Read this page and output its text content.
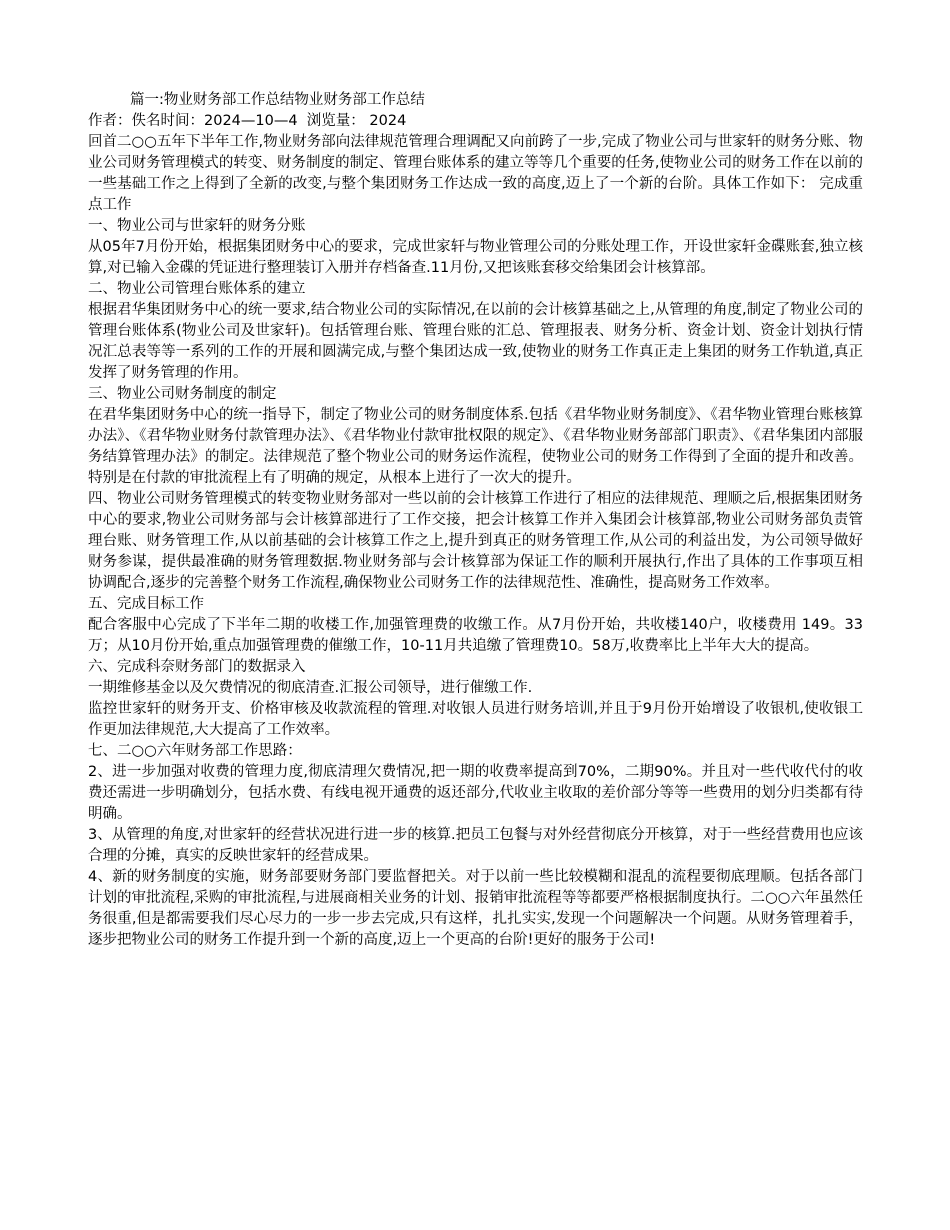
篇一:物业财务部工作总结物业财务部工作总结
作者：佚名时间：2024—10—4  浏览量： 2024

回首二○○五年下半年工作,物业财务部向法律规范管理合理调配又向前跨了一步,完成了物业公司与世家轩的财务分账、物业公司财务管理模式的转变、财务制度的制定、管理台账体系的建立等等几个重要的任务,使物业公司的财务工作在以前的一些基础工作之上得到了全新的改变,与整个集团财务工作达成一致的高度,迈上了一个新的台阶。具体工作如下： 完成重点工作

一、物业公司与世家轩的财务分账

从05年7月份开始，根据集团财务中心的要求，完成世家轩与物业管理公司的分账处理工作，开设世家轩金碟账套,独立核算,对已输入金碟的凭证进行整理装订入册并存档备查.11月份,又把该账套移交给集团会计核算部。

二、物业公司管理台账体系的建立

根据君华集团财务中心的统一要求,结合物业公司的实际情况,在以前的会计核算基础之上,从管理的角度,制定了物业公司的管理台账体系(物业公司及世家轩)。包括管理台账、管理台账的汇总、管理报表、财务分析、资金计划、资金计划执行情况汇总表等等一系列的工作的开展和圆满完成,与整个集团达成一致,使物业的财务工作真正走上集团的财务工作轨道,真正发挥了财务管理的作用。

三、物业公司财务制度的制定

在君华集团财务中心的统一指导下，制定了物业公司的财务制度体系.包括《君华物业财务制度》、《君华物业管理台账核算办法》、《君华物业财务付款管理办法》、《君华物业付款审批权限的规定》、《君华物业财务部部门职责》、《君华集团内部服务结算管理办法》的制定。法律规范了整个物业公司的财务运作流程，使物业公司的财务工作得到了全面的提升和改善。特别是在付款的审批流程上有了明确的规定，从根本上进行了一次大的提升。

四、物业公司财务管理模式的转变物业财务部对一些以前的会计核算工作进行了相应的法律规范、理顺之后,根据集团财务中心的要求,物业公司财务部与会计核算部进行了工作交接，把会计核算工作并入集团会计核算部,物业公司财务部负责管理台账、财务管理工作,从以前基础的会计核算工作之上,提升到真正的财务管理工作,从公司的利益出发，为公司领导做好财务参谋，提供最准确的财务管理数据.物业财务部与会计核算部为保证工作的顺利开展执行,作出了具体的工作事项互相协调配合,逐步的完善整个财务工作流程,确保物业公司财务工作的法律规范性、准确性，提高财务工作效率。

五、完成目标工作

配合客服中心完成了下半年二期的收楼工作,加强管理费的收缴工作。从7月份开始，共收楼140户，收楼费用 149。33 万；从10月份开始,重点加强管理费的催缴工作，10-11月共追缴了管理费10。58万,收费率比上半年大大的提高。

六、完成科奈财务部门的数据录入

一期维修基金以及欠费情况的彻底清查.汇报公司领导，进行催缴工作.

监控世家轩的财务开支、价格审核及收款流程的管理.对收银人员进行财务培训,并且于9月份开始增设了收银机,使收银工作更加法律规范,大大提高了工作效率。

七、二○○六年财务部工作思路：

2、进一步加强对收费的管理力度,彻底清理欠费情况,把一期的收费率提高到70%，二期90%。并且对一些代收代付的收费还需进一步明确划分，包括水费、有线电视开通费的返还部分,代收业主收取的差价部分等等一些费用的划分归类都有待明确。

3、从管理的角度,对世家轩的经营状况进行进一步的核算.把员工包餐与对外经营彻底分开核算，对于一些经营费用也应该合理的分摊，真实的反映世家轩的经营成果。

4、新的财务制度的实施，财务部要财务部门要监督把关。对于以前一些比较模糊和混乱的流程要彻底理顺。包括各部门计划的审批流程,采购的审批流程,与进展商相关业务的计划、报销审批流程等等都要严格根据制度执行。二○○六年虽然任务很重,但是都需要我们尽心尽力的一步一步去完成,只有这样，扎扎实实,发现一个问题解决一个问题。从财务管理着手，逐步把物业公司的财务工作提升到一个新的高度,迈上一个更高的台阶!更好的服务于公司!
